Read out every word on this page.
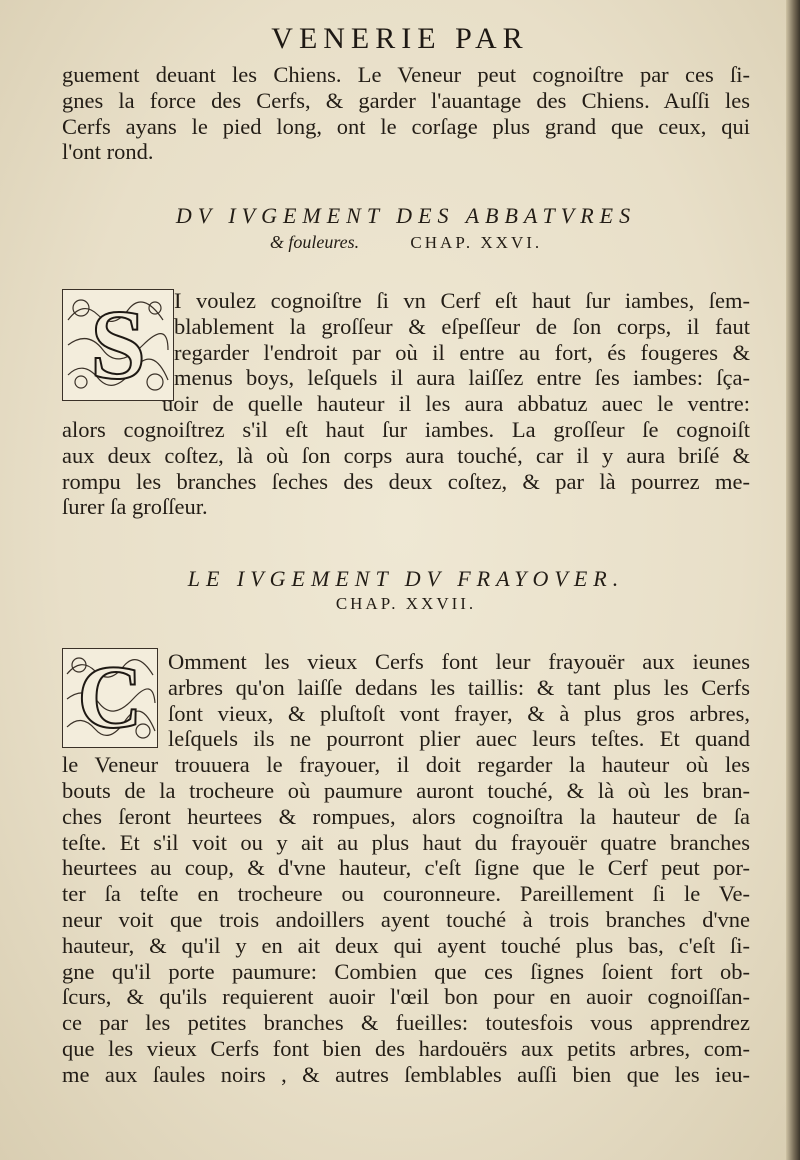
VENERIE PAR
guement deuant les Chiens. Le Veneur peut cognoiſtre par ces ſi-
gnes la force des Cerfs, & garder l'auantage des Chiens. Auſſi les
Cerfs ayans le pied long, ont le corſage plus grand que ceux, qui
l'ont rond.
DV IVGEMENT DES ABBATVRES
& fouleures.	CHAP. XXVI.
S	I voulez cognoiſtre ſi vn Cerf eſt haut ſur iambes, ſem-
blablement la groſſeur & eſpeſſeur de ſon corps, il faut
regarder l'endroit par où il entre au fort, és fougeres &
menus boys, leſquels il aura laiſſez entre ſes iambes: ſça-
uoir de quelle hauteur il les aura abbatuz auec le ventre:
alors cognoiſtrez s'il eſt haut ſur iambes. La groſſeur ſe cognoiſt
aux deux coſtez, là où ſon corps aura touché, car il y aura briſé &
rompu les branches ſeches des deux coſtez, & par là pourrez me-
ſurer ſa groſſeur.
LE IVGEMENT DV FRAYOVER.
CHAP. XXVII.
C	Omment les vieux Cerfs font leur frayouër aux ieunes
arbres qu'on laiſſe dedans les taillis: & tant plus les Cerfs
ſont vieux, & pluſtoſt vont frayer, & à plus gros arbres,
leſquels ils ne pourront plier auec leurs teſtes. Et quand
le Veneur trouuera le frayouer, il doit regarder la hauteur où les
bouts de la trocheure où paumure auront touché, & là où les bran-
ches ſeront heurtees & rompues, alors cognoiſtra la hauteur de ſa
teſte. Et s'il voit ou y ait au plus haut du frayouër quatre branches
heurtees au coup, & d'vne hauteur, c'eſt ſigne que le Cerf peut por-
ter ſa teſte en trocheure ou couronneure. Pareillement ſi le Ve-
neur voit que trois andoillers ayent touché à trois branches d'vne
hauteur, & qu'il y en ait deux qui ayent touché plus bas, c'eſt ſi-
gne qu'il porte paumure: Combien que ces ſignes ſoient fort ob-
ſcurs, & qu'ils requierent auoir l'œil bon pour en auoir cognoiſſan-
ce par les petites branches & fueilles: toutesfois vous apprendrez
que les vieux Cerfs font bien des hardouërs aux petits arbres, com-
me aux ſaules noirs , & autres ſemblables auſſi bien que les ieu-
